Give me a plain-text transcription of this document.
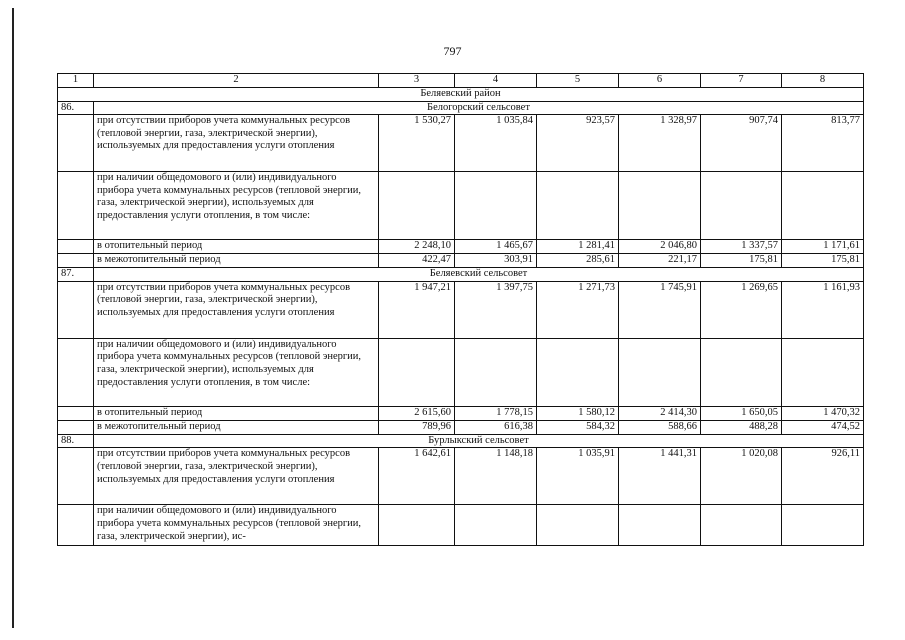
797
1	2	3	4	5	6	7	8
Беляевский район							
86.	Белогорский сельсовет						
	при отсутствии приборов учета коммунальных ресурсов (тепловой энергии, газа, электрической энергии), используемых для предоставления услуги отопления	1 530,27	1 035,84	923,57	1 328,97	907,74	813,77
	при наличии общедомового и (или) индивидуального прибора учета коммунальных ресурсов (тепловой энергии, газа, электрической энергии), используемых для предоставления услуги отопления, в том числе:						
	в отопительный период	2 248,10	1 465,67	1 281,41	2 046,80	1 337,57	1 171,61
	в межотопительный период	422,47	303,91	285,61	221,17	175,81	175,81
87.	Беляевский сельсовет						
	при отсутствии приборов учета коммунальных ресурсов (тепловой энергии, газа, электрической энергии), используемых для предоставления услуги отопления	1 947,21	1 397,75	1 271,73	1 745,91	1 269,65	1 161,93
	при наличии общедомового и (или) индивидуального прибора учета коммунальных ресурсов (тепловой энергии, газа, электрической энергии), используемых для предоставления услуги отопления, в том числе:						
	в отопительный период	2 615,60	1 778,15	1 580,12	2 414,30	1 650,05	1 470,32
	в межотопительный период	789,96	616,38	584,32	588,66	488,28	474,52
88.	Бурлыкский сельсовет						
	при отсутствии приборов учета коммунальных ресурсов (тепловой энергии, газа, электрической энергии), используемых для предоставления услуги отопления	1 642,61	1 148,18	1 035,91	1 441,31	1 020,08	926,11
	при наличии общедомового и (или) индивидуального прибора учета коммунальных ресурсов (тепловой энергии, газа, электрической энергии), ис-						
